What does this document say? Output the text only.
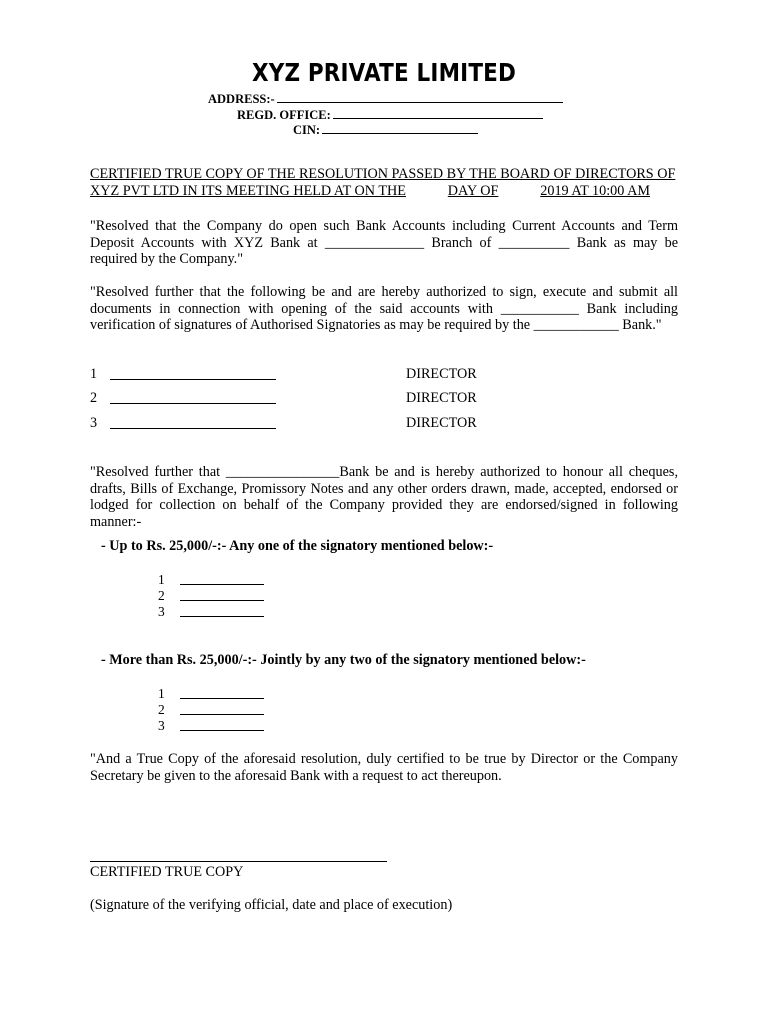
XYZ PRIVATE LIMITED
ADDRESS:-
REGD. OFFICE:
CIN:
CERTIFIED TRUE COPY OF THE RESOLUTION PASSED BY THE BOARD OF DIRECTORS OF
XYZ PVT LTD IN ITS MEETING HELD AT ON THE	DAY OF	2019 AT 10:00 AM
"Resolved that the Company do open such Bank Accounts including Current Accounts and Term Deposit Accounts with XYZ Bank at ______________ Branch of __________ Bank as may be required by the Company."
"Resolved further that the following be and are hereby authorized to sign, execute and submit all documents in connection with opening of the said accounts with ___________ Bank including verification of signatures of Authorised Signatories as may be required by the ____________ Bank."
1	DIRECTOR
2	DIRECTOR
3	DIRECTOR
"Resolved further that ________________Bank be and is hereby authorized to honour all cheques, drafts, Bills of Exchange, Promissory Notes and any other orders drawn, made, accepted, endorsed or lodged for collection on behalf of the Company provided they are endorsed/signed in following manner:-
- Up to Rs. 25,000/-:- Any one of the signatory mentioned below:-
1
2
3
- More than Rs. 25,000/-:- Jointly by any two of the signatory mentioned below:-
1
2
3
"And a True Copy of the aforesaid resolution, duly certified to be true by Director or the Company Secretary be given to the aforesaid Bank with a request to act thereupon.
CERTIFIED TRUE COPY
(Signature of the verifying official, date and place of execution)
